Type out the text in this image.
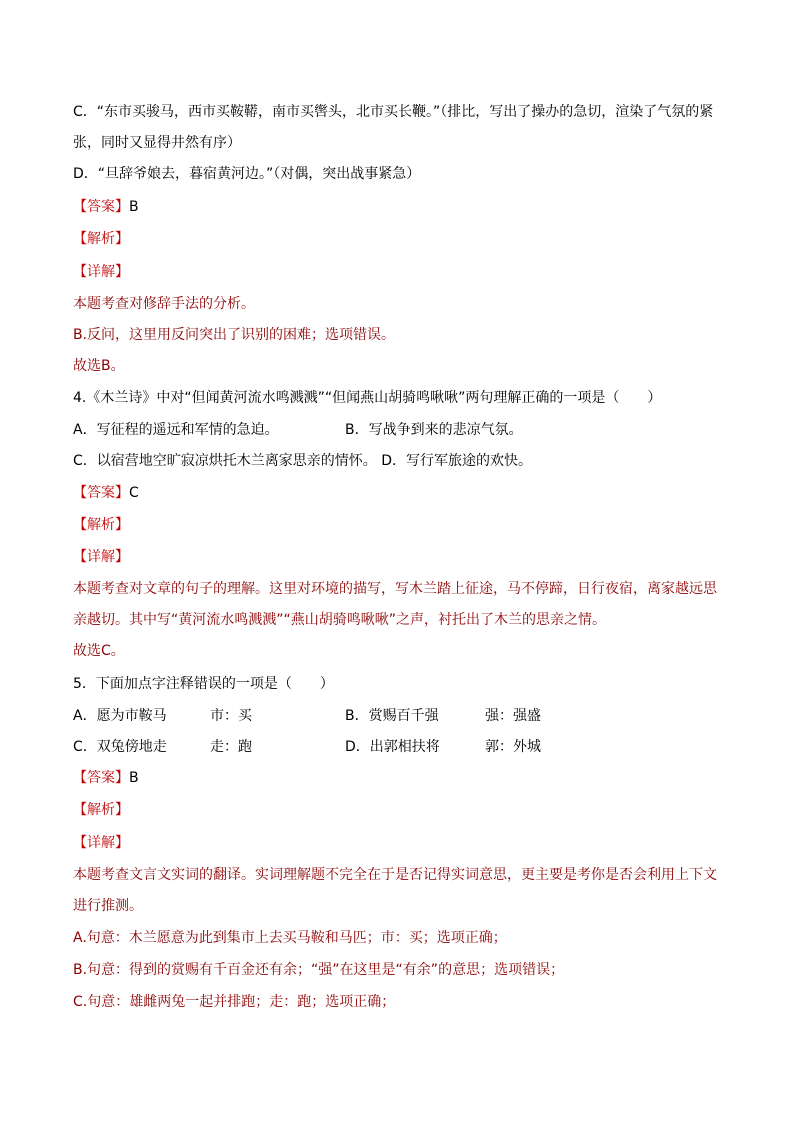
C．“东市买骏马，西市买鞍鞯，南市买辔头，北市买长鞭。”（排比，写出了操办的急切，渲染了气氛的紧
张，同时又显得井然有序）
D．“旦辞爷娘去，暮宿黄河边。”（对偶，突出战事紧急）
【答案】B
【解析】
【详解】
本题考查对修辞手法的分析。
B.反问，这里用反问突出了识别的困难；选项错误。
故选B。
4.《木兰诗》中对“但闻黄河流水鸣溅溅”“但闻燕山胡骑鸣啾啾”两句理解正确的一项是（　　）
A．写征程的遥远和军情的急迫。	B．写战争到来的悲凉气氛。
C．以宿营地空旷寂凉烘托木兰离家思亲的情怀。 D．写行军旅途的欢快。
【答案】C
【解析】
【详解】
本题考查对文章的句子的理解。这里对环境的描写，写木兰踏上征途，马不停蹄，日行夜宿，离家越远思
亲越切。其中写“黄河流水鸣溅溅”“燕山胡骑鸣啾啾”之声，衬托出了木兰的思亲之情。
故选C。
5．下面加点字注释错误的一项是（　　）
A．愿为市鞍马	市：买	B．赏赐百千强	强：强盛
C．双兔傍地走	走：跑	D．出郭相扶将	郭：外城
【答案】B
【解析】
【详解】
本题考查文言文实词的翻译。实词理解题不完全在于是否记得实词意思，更主要是考你是否会利用上下文
进行推测。
A.句意：木兰愿意为此到集市上去买马鞍和马匹；市：买；选项正确；
B.句意：得到的赏赐有千百金还有余；“强”在这里是“有余”的意思；选项错误；
C.句意：雄雌两兔一起并排跑；走：跑；选项正确；
